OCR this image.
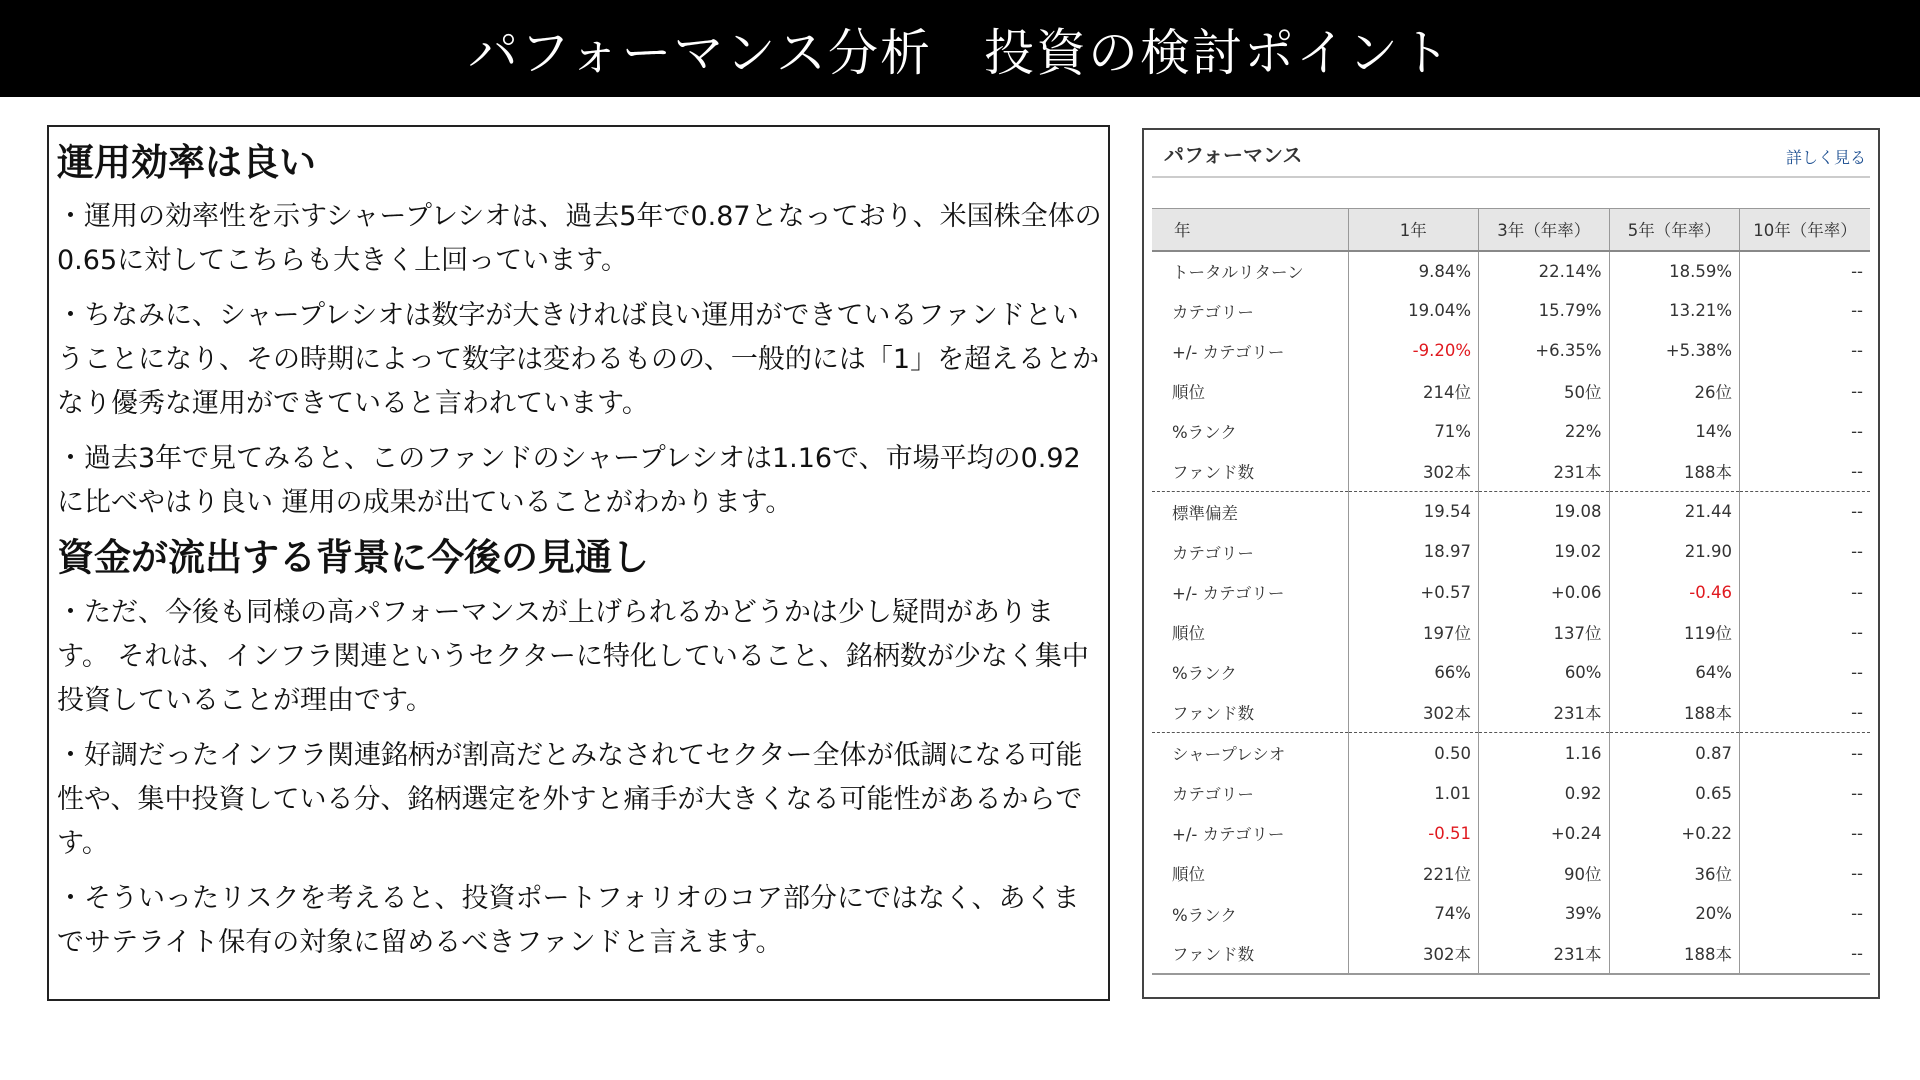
パフォーマンス分析　投資の検討ポイント
運用効率は良い

・運用の効率性を示すシャープレシオは、過去5年で0.87となっており、米国株全体の0.65に対してこちらも大きく上回っています。

・ちなみに、シャープレシオは数字が大きければ良い運用ができているファンドということになり、その時期によって数字は変わるものの、一般的には「1」を超えるとかなり優秀な運用ができていると言われています。

・過去3年で見てみると、このファンドのシャープレシオは1.16で、市場平均の0.92に比べやはり良い 運用の成果が出ていることがわかります。

資金が流出する背景に今後の見通し

・ただ、今後も同様の高パフォーマンスが上げられるかどうかは少し疑問があります。 それは、インフラ関連というセクターに特化していること、銘柄数が少なく集中投資していることが理由です。

・好調だったインフラ関連銘柄が割高だとみなされてセクター全体が低調になる可能性や、集中投資している分、銘柄選定を外すと痛手が大きくなる可能性があるからです。

・そういったリスクを考えると、投資ポートフォリオのコア部分にではなく、あくまでサテライト保有の対象に留めるべきファンドと言えます。

パフォーマンス	詳しく見る
年	1年	3年（年率）	5年（年率）	10年（年率）
トータルリターン	9.84%	22.14%	18.59%	--
カテゴリー	19.04%	15.79%	13.21%	--
+/- カテゴリー	-9.20%	+6.35%	+5.38%	--
順位	214位	50位	26位	--
%ランク	71%	22%	14%	--
ファンド数	302本	231本	188本	--
標準偏差	19.54	19.08	21.44	--
カテゴリー	18.97	19.02	21.90	--
+/- カテゴリー	+0.57	+0.06	-0.46	--
順位	197位	137位	119位	--
%ランク	66%	60%	64%	--
ファンド数	302本	231本	188本	--
シャープレシオ	0.50	1.16	0.87	--
カテゴリー	1.01	0.92	0.65	--
+/- カテゴリー	-0.51	+0.24	+0.22	--
順位	221位	90位	36位	--
%ランク	74%	39%	20%	--
ファンド数	302本	231本	188本	--
